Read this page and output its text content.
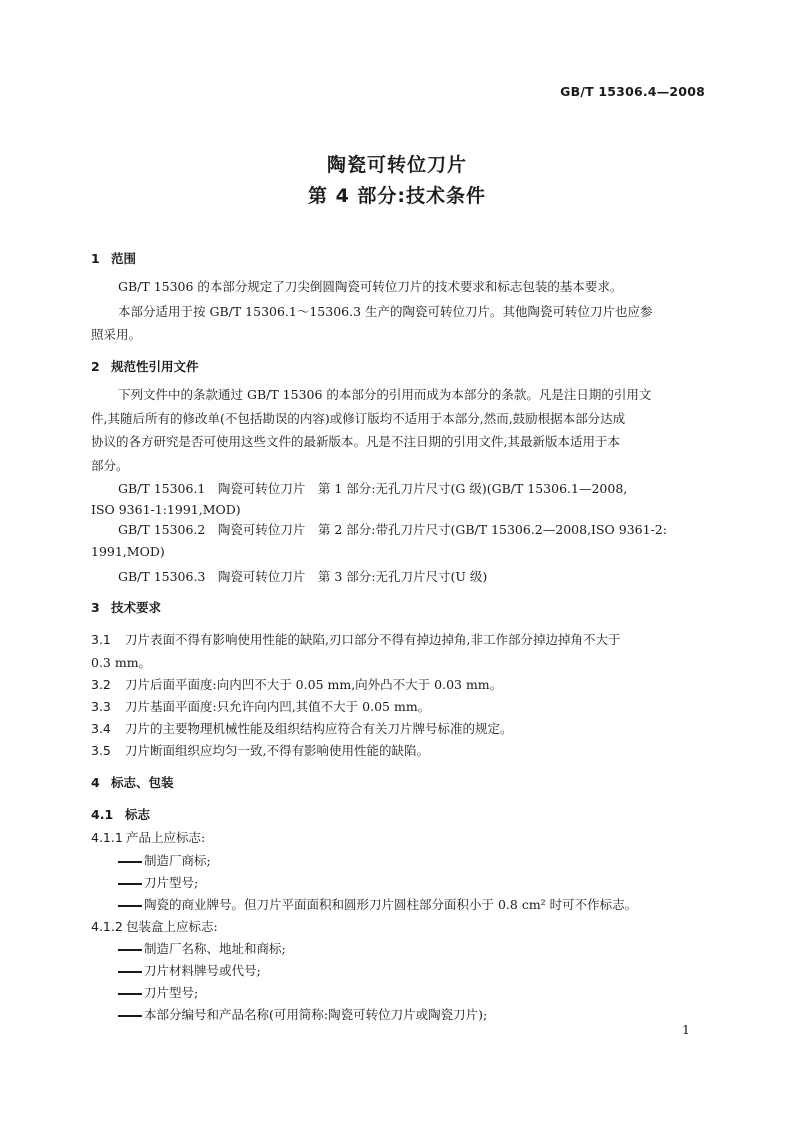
GB/T 15306.4—2008
陶瓷可转位刀片
第 4 部分:技术条件
1 范围
GB/T 15306 的本部分规定了刀尖倒圆陶瓷可转位刀片的技术要求和标志包装的基本要求。
本部分适用于按 GB/T 15306.1～15306.3 生产的陶瓷可转位刀片。其他陶瓷可转位刀片也应参
照采用。
2 规范性引用文件
下列文件中的条款通过 GB/T 15306 的本部分的引用而成为本部分的条款。凡是注日期的引用文
件,其随后所有的修改单(不包括勘误的内容)或修订版均不适用于本部分,然而,鼓励根据本部分达成
协议的各方研究是否可使用这些文件的最新版本。凡是不注日期的引用文件,其最新版本适用于本
部分。
GB/T 15306.1　陶瓷可转位刀片　第 1 部分:无孔刀片尺寸(G 级)(GB/T 15306.1—2008,
ISO 9361-1:1991,MOD)
GB/T 15306.2　陶瓷可转位刀片　第 2 部分:带孔刀片尺寸(GB/T 15306.2—2008,ISO 9361-2:
1991,MOD)
GB/T 15306.3　陶瓷可转位刀片　第 3 部分:无孔刀片尺寸(U 级)
3 技术要求
3.1 刀片表面不得有影响使用性能的缺陷,刃口部分不得有掉边掉角,非工作部分掉边掉角不大于
0.3 mm。
3.2 刀片后面平面度:向内凹不大于 0.05 mm,向外凸不大于 0.03 mm。
3.3 刀片基面平面度:只允许向内凹,其值不大于 0.05 mm。
3.4 刀片的主要物理机械性能及组织结构应符合有关刀片牌号标准的规定。
3.5 刀片断面组织应均匀一致,不得有影响使用性能的缺陷。
4 标志、包装
4.1 标志
4.1.1 产品上应标志:
制造厂商标;
刀片型号;
陶瓷的商业牌号。但刀片平面面积和圆形刀片圆柱部分面积小于 0.8 cm² 时可不作标志。
4.1.2 包装盒上应标志:
制造厂名称、地址和商标;
刀片材料牌号或代号;
刀片型号;
本部分编号和产品名称(可用简称:陶瓷可转位刀片或陶瓷刀片);
1
